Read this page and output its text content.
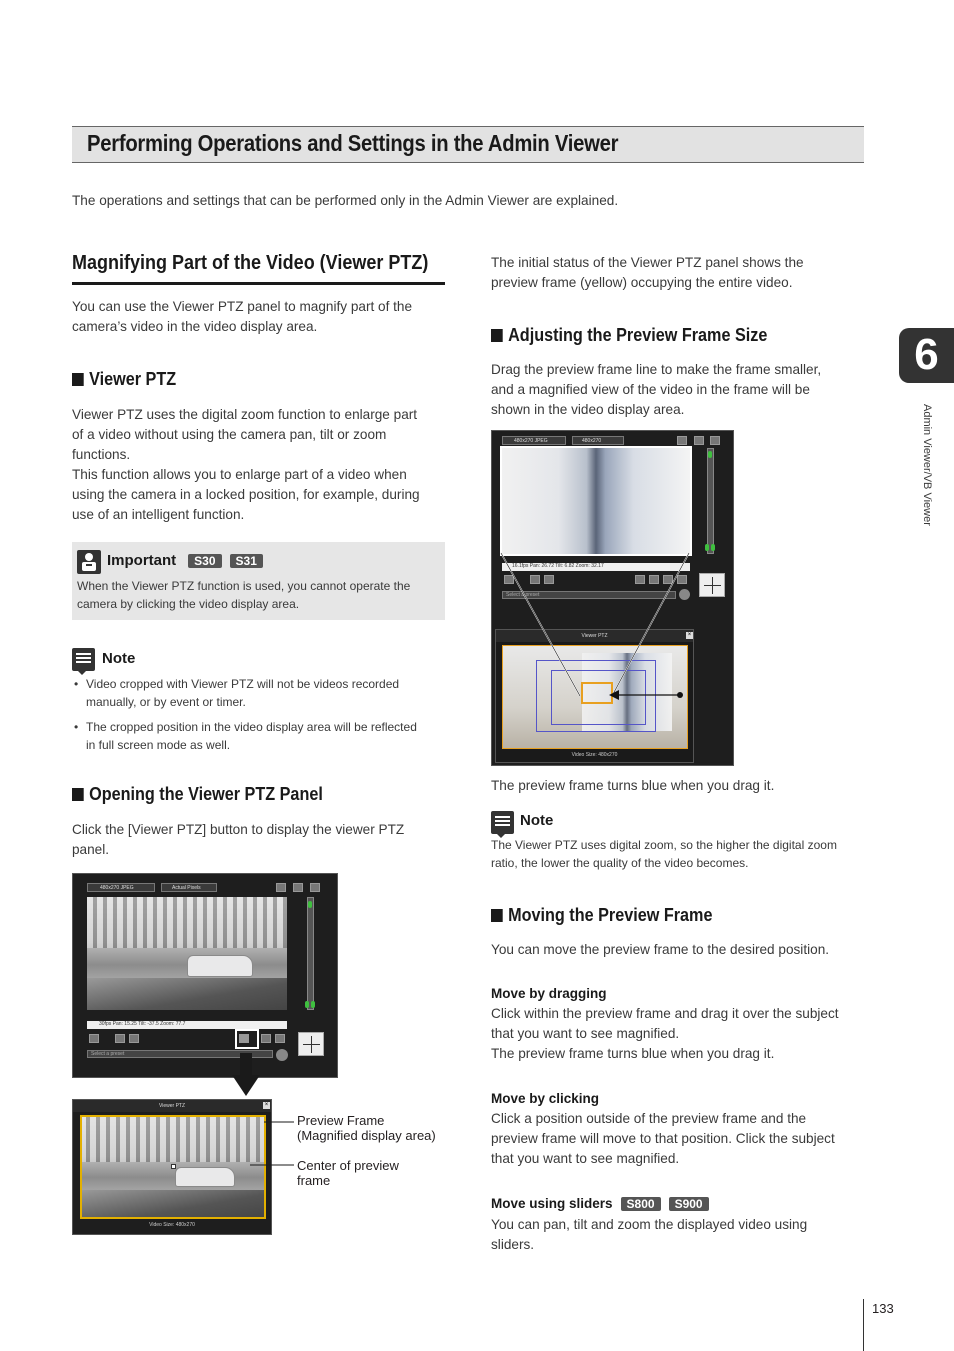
Performing Operations and Settings in the Admin Viewer
The operations and settings that can be performed only in the Admin Viewer are explained.
Magnifying Part of the Video (Viewer PTZ)
You can use the Viewer PTZ panel to magnify part of the
camera’s video in the video display area.
Viewer PTZ
Viewer PTZ uses the digital zoom function to enlarge part
of a video without using the camera pan, tilt or zoom
functions.
This function allows you to enlarge part of a video when
using the camera in a locked position, for example, during
use of an intelligent function.
Important S30 S31
When the Viewer PTZ function is used, you cannot operate the
camera by clicking the video display area.
Note
• Video cropped with Viewer PTZ will not be videos recorded
manually, or by event or timer.
• The cropped position in the video display area will be reflected
in full screen mode as well.
Opening the Viewer PTZ Panel
Click the [Viewer PTZ] button to display the viewer PTZ
panel.
480x270 JPEG	Actual Pixels
30fps Pan: 15.25 Tilt: -37.5 Zoom: 77.7
Select a preset
Viewer PTZ	×
Video Size: 480x270
Preview Frame
(Magnified display area)
Center of preview
frame
The initial status of the Viewer PTZ panel shows the
preview frame (yellow) occupying the entire video.
Adjusting the Preview Frame Size
Drag the preview frame line to make the frame smaller,
and a magnified view of the video in the frame will be
shown in the video display area.
480x270 JPEG	480x270
16.1fps Pan: 26.72 Tilt: 6.82 Zoom: 32.17
Select a preset
Viewer PTZ	×
Video Size: 480x270
The preview frame turns blue when you drag it.
Note
The Viewer PTZ uses digital zoom, so the higher the digital zoom
ratio, the lower the quality of the video becomes.
Moving the Preview Frame
You can move the preview frame to the desired position.
Move by dragging
Click within the preview frame and drag it over the subject
that you want to see magnified.
The preview frame turns blue when you drag it.
Move by clicking
Click a position outside of the preview frame and the
preview frame will move to that position. Click the subject
that you want to see magnified.
Move using sliders S800 S900
You can pan, tilt and zoom the displayed video using
sliders.
6
Admin Viewer/VB Viewer
133
